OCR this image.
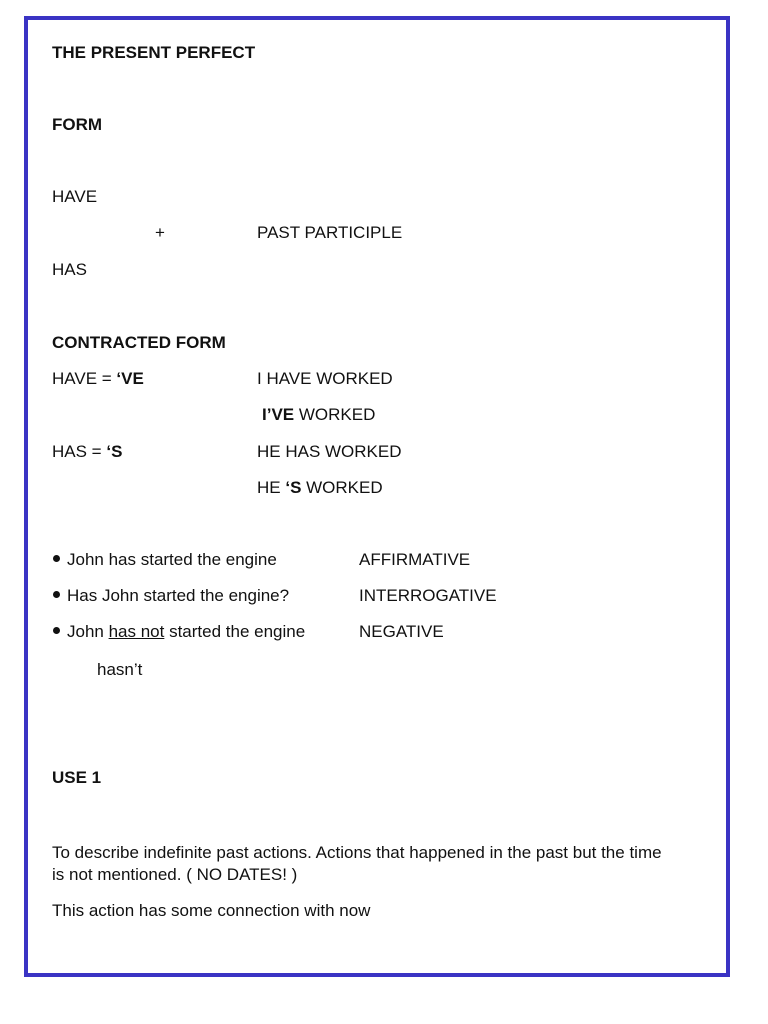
THE PRESENT PERFECT
FORM
HAVE
+	PAST PARTICIPLE
HAS
CONTRACTED FORM
HAVE = ‘VE	I HAVE WORKED
I’VE WORKED
HAS = ‘S	HE HAS WORKED
HE ‘S WORKED
John has started the engine	AFFIRMATIVE
Has John started the engine?	INTERROGATIVE
John has not started the engine	NEGATIVE
hasn’t
USE 1
To describe indefinite past actions. Actions that happened in the past but the time is not mentioned. ( NO DATES! )
This action has some connection with now
